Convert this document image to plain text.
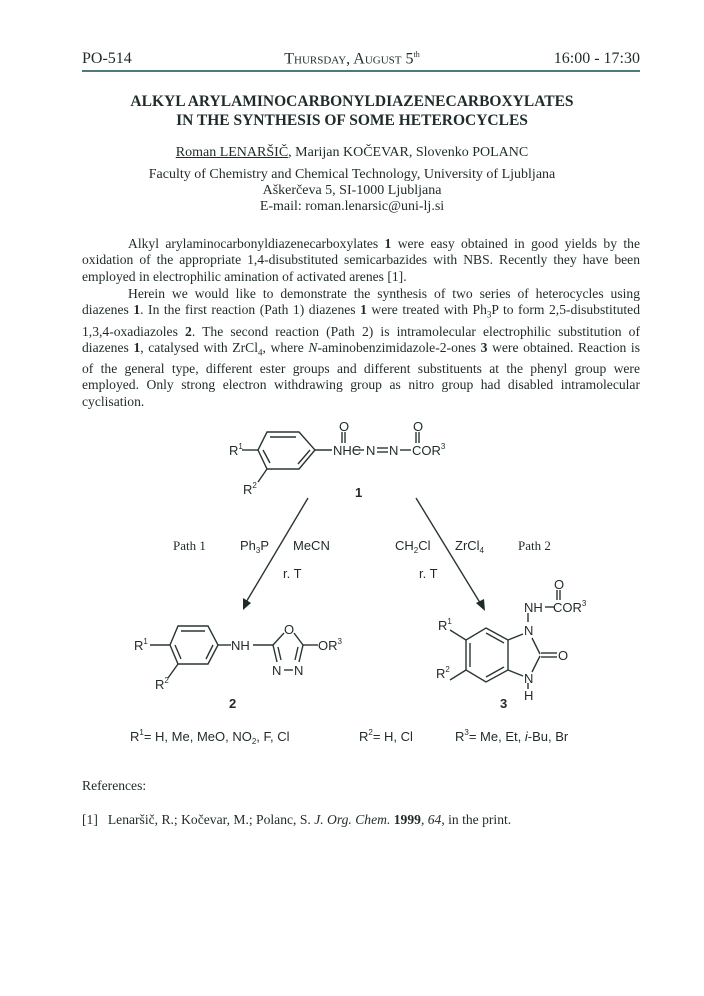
PO-514	Thursday, August 5th	16:00 - 17:30
ALKYL ARYLAMINOCARBONYLDIAZENECARBOXYLATES
IN THE SYNTHESIS OF SOME HETEROCYCLES
Roman LENARŠIČ, Marijan KOČEVAR, Slovenko POLANC
Faculty of Chemistry and Chemical Technology, University of Ljubljana
Aškerčeva 5, SI-1000 Ljubljana
E-mail: roman.lenarsic@uni-lj.si
Alkyl arylaminocarbonyldiazenecarboxylates 1 were easy obtained in good yields by the oxidation of the appropriate 1,4-disubstituted semicarbazides with NBS. Recently they have been employed in electrophilic amination of activated arenes [1].
Herein we would like to demonstrate the synthesis of two series of heterocycles using diazenes 1. In the first reaction (Path 1) diazenes 1 were treated with $Ph_3P$ to form 2,5-disubstituted 1,3,4-oxadiazoles 2. The second reaction (Path 2) is intramolecular electrophilic substitution of diazenes 1, catalysed with ZrCl$_4$, where N-aminobenzimidazole-2-ones 3 were obtained. Reaction is of the general type, different ester groups and different substituents at the phenyl group were employed. Only strong electron withdrawing group as nitro group had disabled intramolecular cyclisation.
$R^1$
$R^2$
NHC
O
N N COR$^3$
O
1
Path 1	$Ph_3P$ MeCN
r. T
$CH_2Cl$ ZrCl$_4$	Path 2
r. T
$R^1$
$R^2$
NH
O
$OR^3$
N N
2
$R^1$
$R^2$
NH COR$^3$
O
N
O
N
H
3
$R^1= H$, Me, MeO, $NO_2$, F, Cl	$R^2= H$, Cl	$R^3= Me$, Et, i-Bu, Br
References:
[1] Lenaršič, R.; Kočevar, M.; Polanc, S. J. Org. Chem. 1999, 64, in the print.
